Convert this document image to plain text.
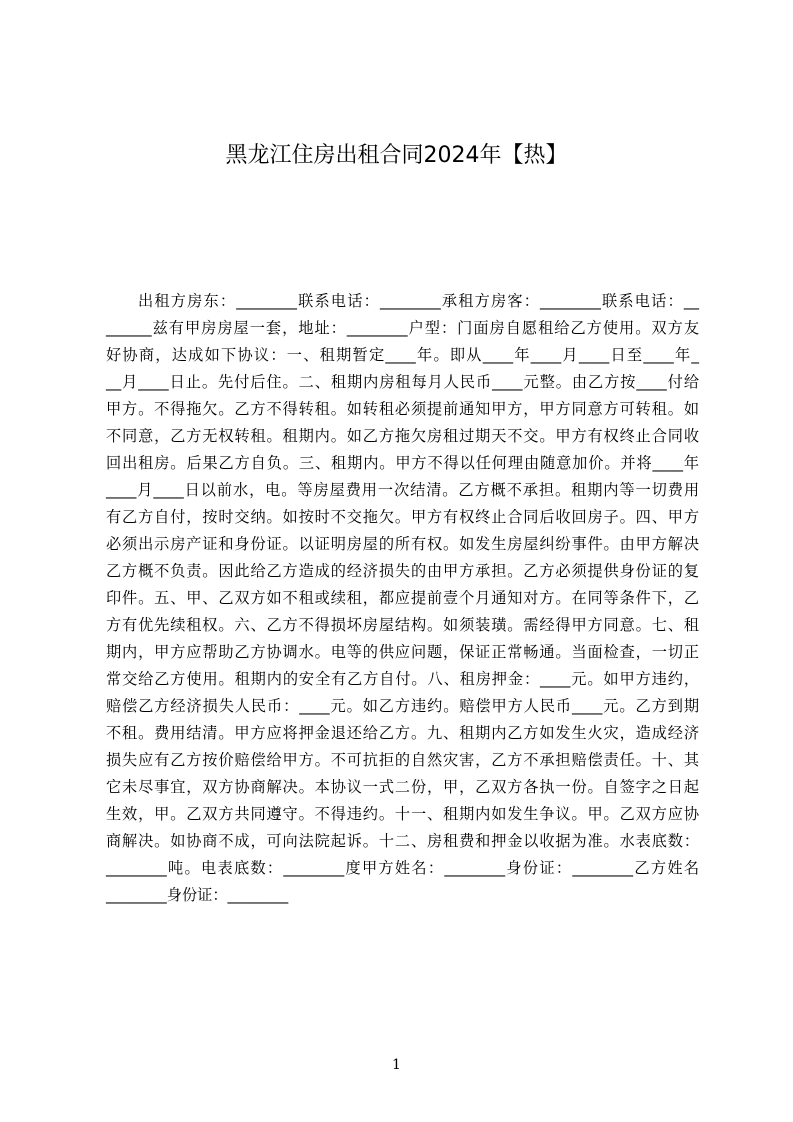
黑龙江住房出租合同2024年【热】
出租方房东：________联系电话：________承租方房客：________联系电话：__
______兹有甲房房屋一套，地址：________户型：门面房自愿租给乙方使用。双方友
好协商，达成如下协议：一、租期暂定____年。即从____年____月____日至____年_
__月____日止。先付后住。二、租期内房租每月人民币____元整。由乙方按____付给
甲方。不得拖欠。乙方不得转租。如转租必须提前通知甲方，甲方同意方可转租。如
不同意，乙方无权转租。租期内。如乙方拖欠房租过期天不交。甲方有权终止合同收
回出租房。后果乙方自负。三、租期内。甲方不得以任何理由随意加价。并将____年
____月____日以前水，电。等房屋费用一次结清。乙方概不承担。租期内等一切费用
有乙方自付，按时交纳。如按时不交拖欠。甲方有权终止合同后收回房子。四、甲方
必须出示房产证和身份证。以证明房屋的所有权。如发生房屋纠纷事件。由甲方解决
乙方概不负责。因此给乙方造成的经济损失的由甲方承担。乙方必须提供身份证的复
印件。五、甲、乙双方如不租或续租，都应提前壹个月通知对方。在同等条件下，乙
方有优先续租权。六、乙方不得损坏房屋结构。如须装璜。需经得甲方同意。七、租
期内，甲方应帮助乙方协调水。电等的供应问题，保证正常畅通。当面检查，一切正
常交给乙方使用。租期内的安全有乙方自付。八、租房押金：____元。如甲方违约，
赔偿乙方经济损失人民币：____元。如乙方违约。赔偿甲方人民币____元。乙方到期
不租。费用结清。甲方应将押金退还给乙方。九、租期内乙方如发生火灾，造成经济
损失应有乙方按价赔偿给甲方。不可抗拒的自然灾害，乙方不承担赔偿责任。十、其
它未尽事宜，双方协商解决。本协议一式二份，甲，乙双方各执一份。自签字之日起
生效，甲。乙双方共同遵守。不得违约。十一、租期内如发生争议。甲。乙双方应协
商解决。如协商不成，可向法院起诉。十二、房租费和押金以收据为准。水表底数：
________吨。电表底数：________度甲方姓名：________身份证：________乙方姓名
________身份证：________
1
